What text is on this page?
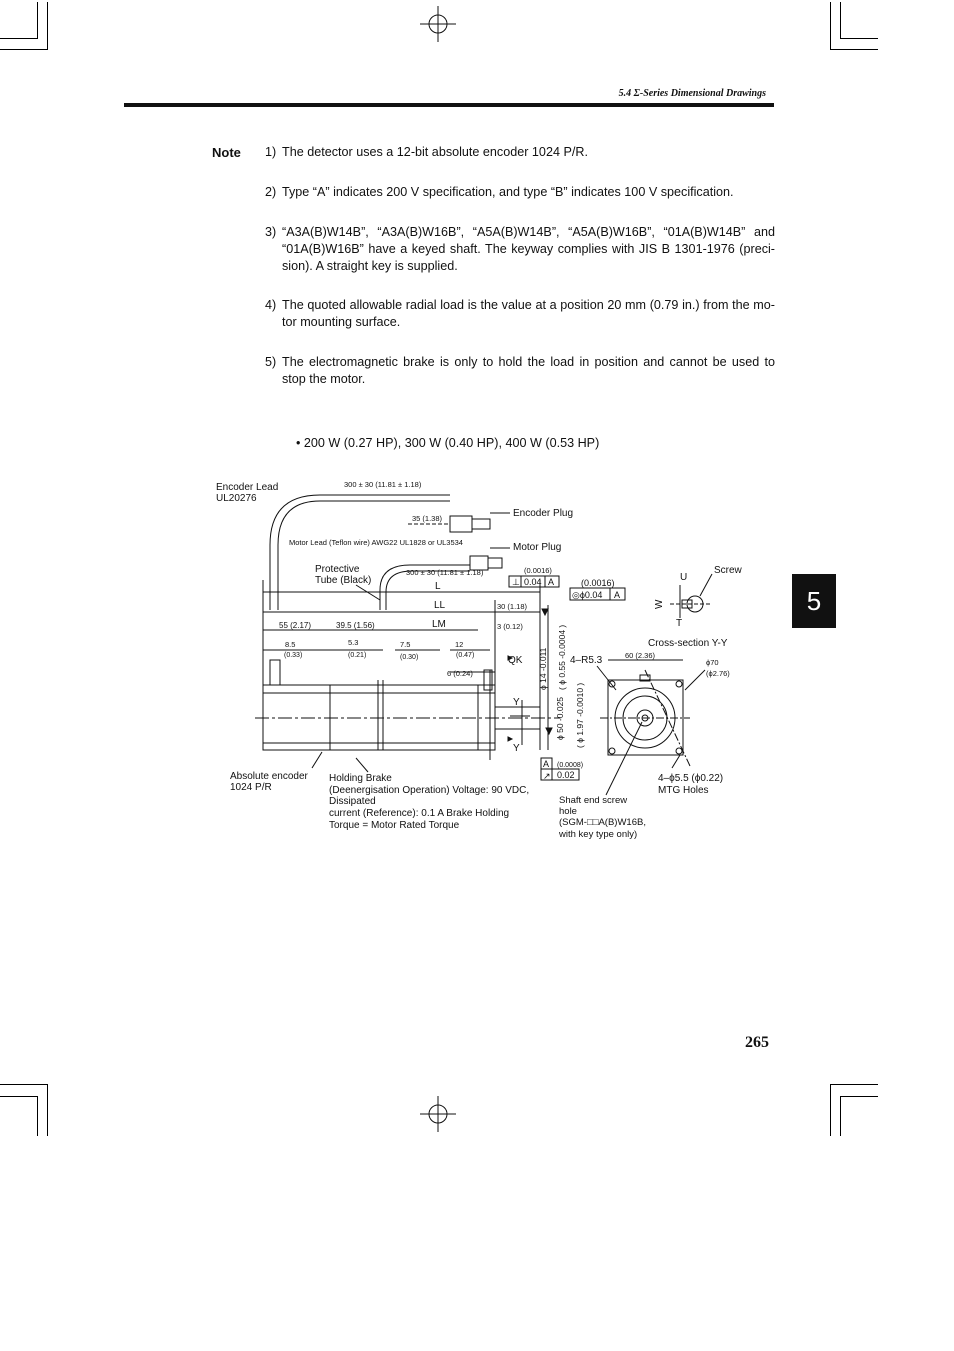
5.4 Σ-Series Dimensional Drawings
Note 1) The detector uses a 12-bit absolute encoder 1024 P/R.
2) Type “A” indicates 200 V specification, and type “B” indicates 100 V specification.
3) “A3A(B)W14B”, “A3A(B)W16B”, “A5A(B)W14B”, “A5A(B)W16B”, “01A(B)W14B” and “01A(B)W16B” have a keyed shaft. The keyway complies with JIS B 1301-1976 (preci-sion). A straight key is supplied.
4) The quoted allowable radial load is the value at a position 20 mm (0.79 in.) from the mo-tor mounting surface.
5) The electromagnetic brake is only to hold the load in position and cannot be used to stop the motor.
• 200 W (0.27 HP), 300 W (0.40 HP), 400 W (0.53 HP)
5
Encoder Lead
UL20276
300 ± 30 (11.81 ± 1.18)
35 (1.38)	Encoder Plug
Motor Lead (Teflon wire) AWG22 UL1828 or UL3534	Motor Plug
Protective
Tube (Black)
300 ± 30 (11.81 ± 1.18)	(0.0016)
⊥ 0.04 A	(0.0016)
◎ϕ0.04 A
L
LL
LM
30 (1.18)
3 (0.12)
55 (2.17)	39.5 (1.56)
8.5
(0.33)
5.3
(0.21)
7.5
(0.30)
12
(0.47)
6 (0.24)
QK ϕ 14 -0.011 ( ϕ 0.55 -0.0004 )
ϕ 50 -0.025 ( ϕ 1.97 -0.0010 )
Y
Y
A (0.0008)
↗ 0.02
Absolute encoder
1024 P/R
Holding Brake
(Deenergisation Operation) Voltage: 90 VDC,
Dissipated
current (Reference): 0.1 A Brake Holding
Torque = Motor Rated Torque
U
Screw
W
T
Cross-section Y-Y
4–R5.3	60 (2.36)
ϕ70
(ϕ2.76)
Shaft end screw
hole
(SGM-□□A(B)W16B,
with key type only)
4–ϕ5.5 (ϕ0.22)
MTG Holes
265
